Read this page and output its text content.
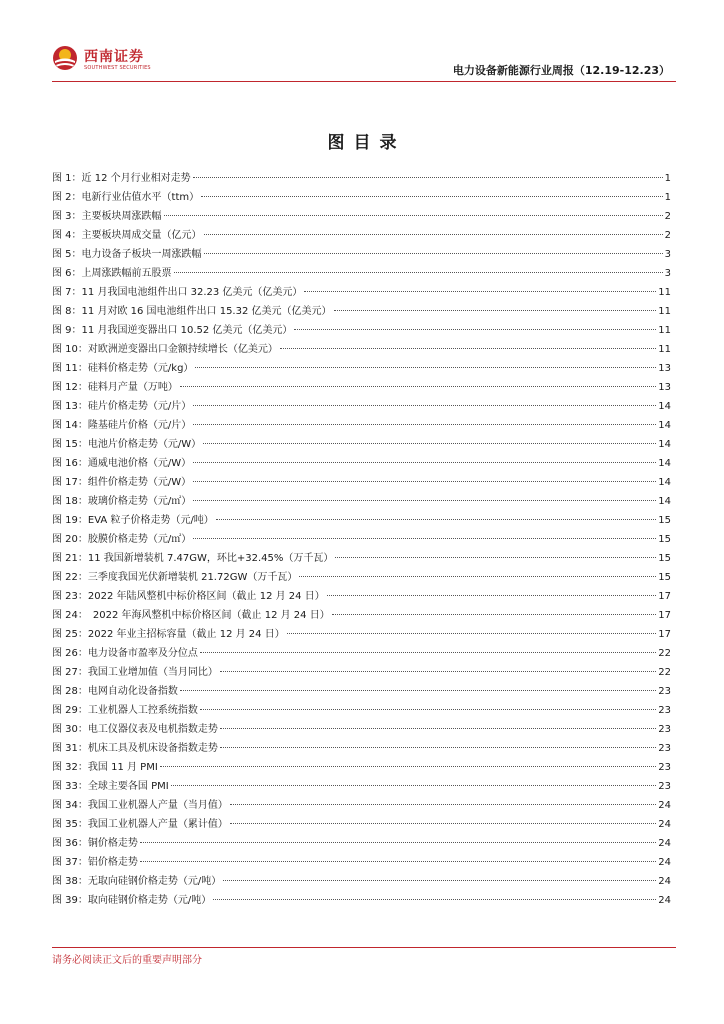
西南证券
SOUTHWEST SECURITIES	电力设备新能源行业周报（12.19-12.23）
图目录
图 1：近 12 个月行业相对走势	1
图 2：电新行业估值水平（ttm）	1
图 3：主要板块周涨跌幅	2
图 4：主要板块周成交量（亿元）	2
图 5：电力设备子板块一周涨跌幅	3
图 6：上周涨跌幅前五股票	3
图 7：11 月我国电池组件出口 32.23 亿美元（亿美元）	11
图 8：11 月对欧 16 国电池组件出口 15.32 亿美元（亿美元）	11
图 9：11 月我国逆变器出口 10.52 亿美元（亿美元）	11
图 10：对欧洲逆变器出口金额持续增长（亿美元）	11
图 11：硅料价格走势（元/kg）	13
图 12：硅料月产量（万吨）	13
图 13：硅片价格走势（元/片）	14
图 14：隆基硅片价格（元/片）	14
图 15：电池片价格走势（元/W）	14
图 16：通威电池价格（元/W）	14
图 17：组件价格走势（元/W）	14
图 18：玻璃价格走势（元/㎡）	14
图 19：EVA 粒子价格走势（元/吨）	15
图 20：胶膜价格走势（元/㎡）	15
图 21：11 我国新增装机 7.47GW，环比+32.45%（万千瓦）	15
图 22：三季度我国光伏新增装机 21.72GW（万千瓦）	15
图 23：2022 年陆风整机中标价格区间（截止 12 月 24 日）	17
图 24：　2022 年海风整机中标价格区间（截止 12 月 24 日）	17
图 25：2022 年业主招标容量（截止 12 月 24 日）	17
图 26：电力设备市盈率及分位点	22
图 27：我国工业增加值（当月同比）	22
图 28：电网自动化设备指数	23
图 29：工业机器人工控系统指数	23
图 30：电工仪器仪表及电机指数走势	23
图 31：机床工具及机床设备指数走势	23
图 32：我国 11 月 PMI	23
图 33：全球主要各国 PMI	23
图 34：我国工业机器人产量（当月值）	24
图 35：我国工业机器人产量（累计值）	24
图 36：铜价格走势	24
图 37：铝价格走势	24
图 38：无取向硅钢价格走势（元/吨）	24
图 39：取向硅钢价格走势（元/吨）	24
请务必阅读正文后的重要声明部分
